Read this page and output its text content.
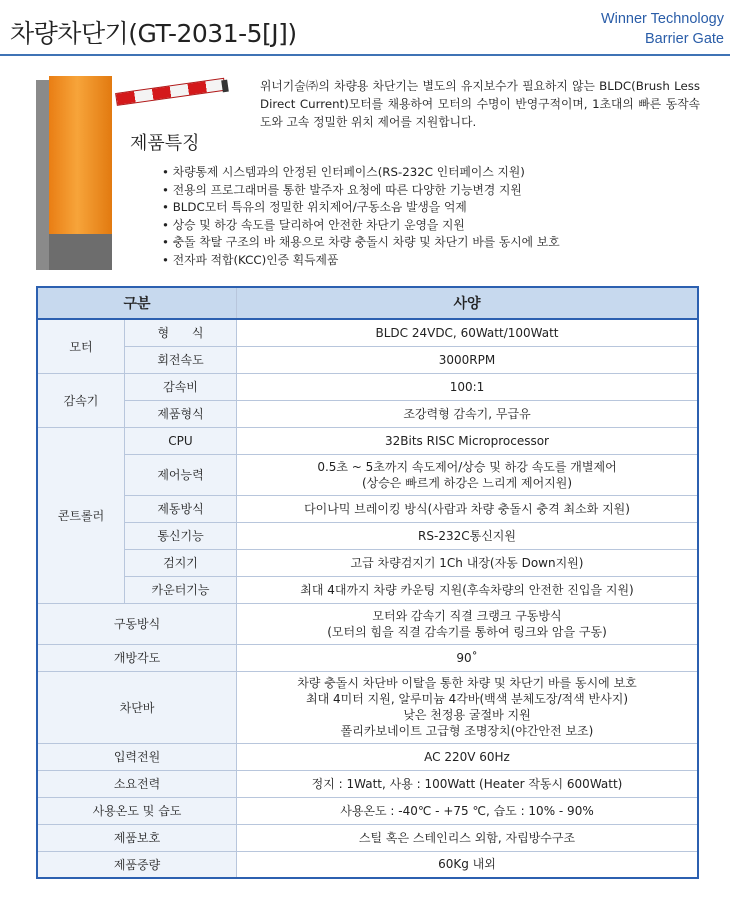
차량차단기(GT-2031-5[J])	Winner Technology
Barrier Gate
위너기술㈜의 차량용 차단기는 별도의 유지보수가 필요하지 않는 BLDC(Brush Less Direct Current)모터를 채용하여 모터의 수명이 반영구적이며, 1초대의 빠른 동작속도와 고속 정밀한 위치 제어를 지원합니다.
제품특징
• 차량통제 시스템과의 안정된 인터페이스(RS-232C 인터페이스 지원)
• 전용의 프로그래머를 통한 발주자 요청에 따른 다양한 기능변경 지원
• BLDC모터 특유의 정밀한 위치제어/구동소음 발생을 억제
• 상승 및 하강 속도를 달리하여 안전한 차단기 운영을 지원
• 충돌 착탈 구조의 바 채용으로 차량 충돌시 차량 및 차단기 바를 동시에 보호
• 전자파 적합(KCC)인증 획득제품
구분		사양
모터	형      식	BLDC 24VDC, 60Watt/100Watt
	회전속도	3000RPM
감속기	감속비	100:1
	제품형식	조강력형 감속기, 무급유
콘트롤러	CPU	32Bits RISC Microprocessor
	제어능력	0.5초 ~ 5초까지 속도제어/상승 및 하강 속도를 개별제어
(상승은 빠르게 하강은 느리게 제어지원)

	제동방식	다이나믹 브레이킹 방식(사람과 차량 충돌시 충격 최소화 지원)
	통신기능	RS-232C통신지원
	검지기	고급 차량검지기 1Ch 내장(자동 Down지원)
	카운터기능	최대 4대까지 차량 카운팅 지원(후속차량의 안전한 진입을 지원)
구동방식		모터와 감속기 직결 크랭크 구동방식
(모터의 힘을 직결 감속기를 통하여 링크와 암을 구동)

개방각도		90˚
차단바		차량 충돌시 차단바 이탈을 통한 차량 및 차단기 바를 동시에 보호
최대 4미터 지원, 알루미늄 4각바(백색 분체도장/적색 반사지)
낮은 천정용 굴절바 지원
폴리카보네이트 고급형 조명장치(야간안전 보조)

입력전원		AC 220V 60Hz
소요전력		정지 : 1Watt, 사용 : 100Watt (Heater 작동시 600Watt)
사용온도 및 습도		사용온도 : -40℃ - +75 ℃, 습도 : 10% - 90%
제품보호		스틸 혹은 스테인리스 외함, 자립방수구조
제품중량		60Kg 내외
